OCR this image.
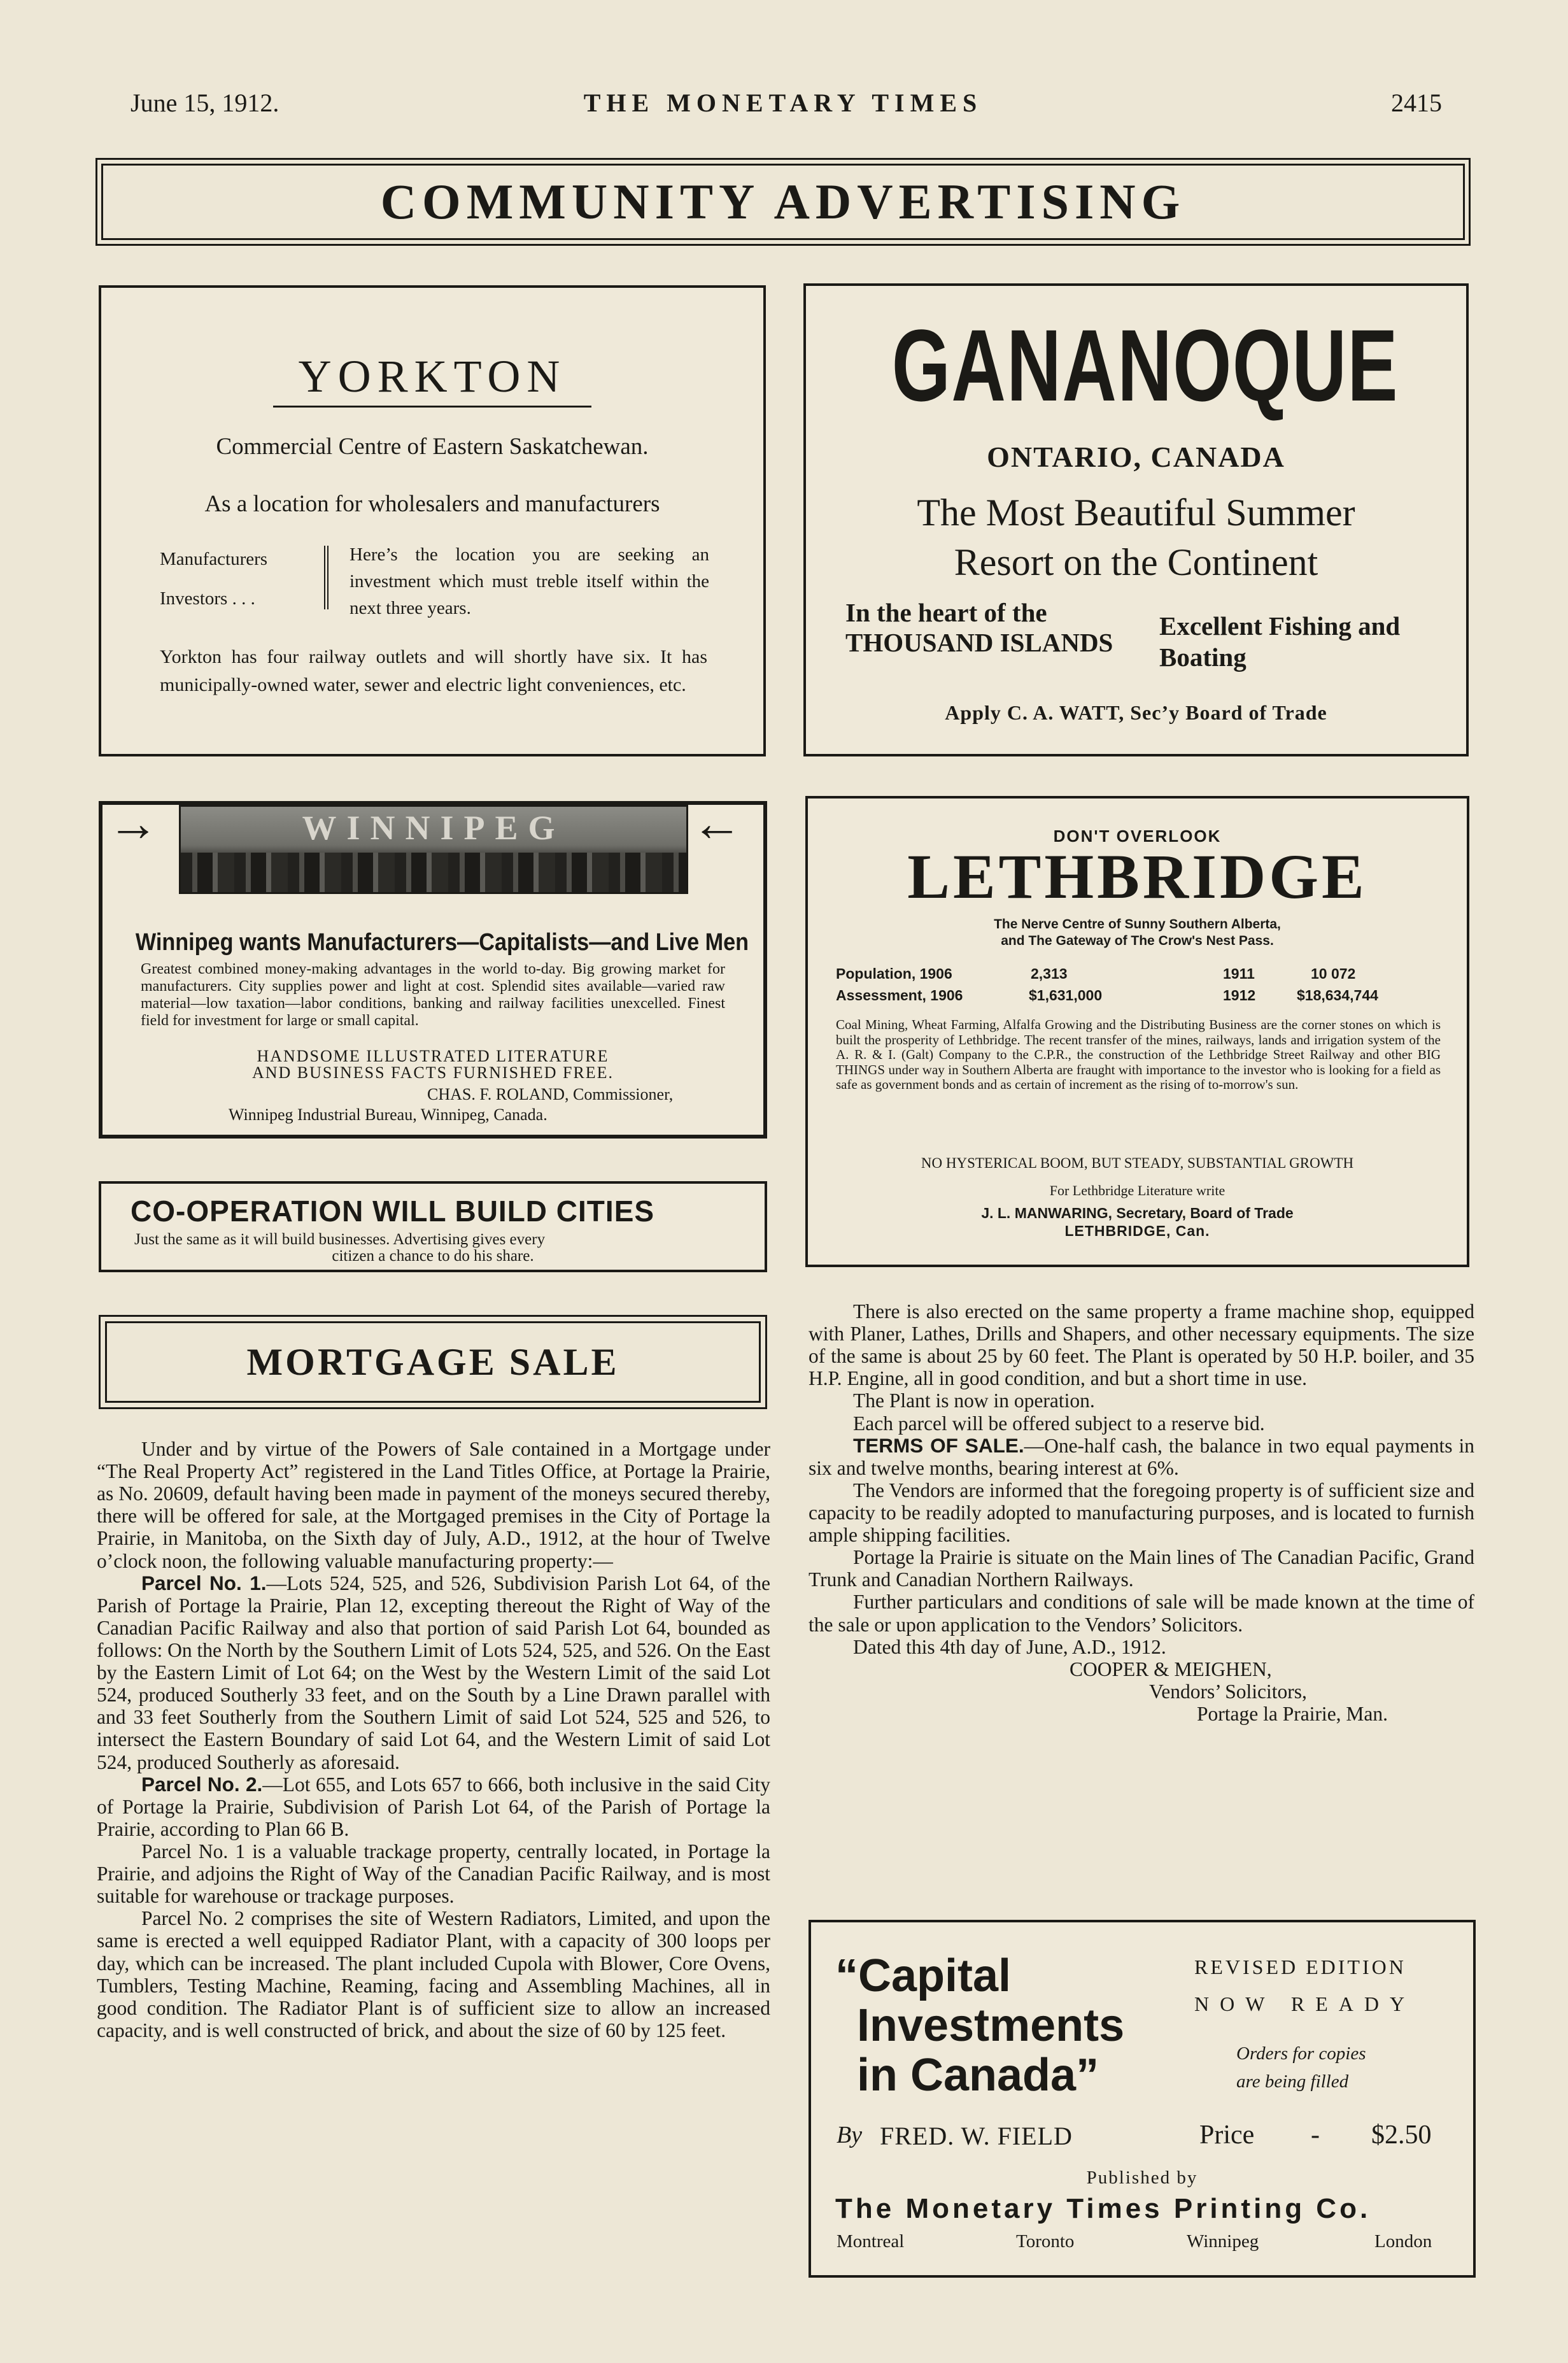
June 15, 1912.	THE MONETARY TIMES	2415
COMMUNITY ADVERTISING
YORKTON
Commercial Centre of Eastern Saskatchewan.
As a location for wholesalers and manufacturers
Manufacturers
Investors . . .
Here’s the location you are seeking an investment which must treble itself within the next three years.
Yorkton has four railway outlets and will shortly have six. It has municipally-owned water, sewer and electric light conveniences, etc.
GANANOQUE
ONTARIO, CANADA
The Most Beautiful Summer
Resort on the Continent
In the heart of the THOUSAND ISLANDS
Excellent Fishing and Boating
Apply C. A. WATT, Sec’y Board of Trade
→	←
WINNIPEG
Winnipeg wants Manufacturers—Capitalists—and Live Men
Greatest combined money-making advantages in the world to-day. Big growing market for manufacturers. City supplies power and light at cost. Splendid sites available—varied raw material—low taxation—labor conditions, banking and railway facilities unexcelled. Finest field for investment for large or small capital.
HANDSOME ILLUSTRATED LITERATURE
AND BUSINESS FACTS FURNISHED FREE.
CHAS. F. ROLAND, Commissioner,
Winnipeg Industrial Bureau, Winnipeg, Canada.
CO-OPERATION WILL BUILD CITIES
Just the same as it will build businesses. Advertising gives every
citizen a chance to do his share.
DON'T OVERLOOK
LETHBRIDGE
The Nerve Centre of Sunny Southern Alberta,
and The Gateway of The Crow's Nest Pass.
Population, 1906	2,313	1911	10 072
Assessment, 1906	$1,631,000	1912	$18,634,744
Coal Mining, Wheat Farming, Alfalfa Growing and the Distributing Business are the corner stones on which is built the prosperity of Lethbridge. The recent transfer of the mines, railways, lands and irrigation system of the A. R. & I. (Galt) Company to the C.P.R., the construction of the Lethbridge Street Railway and other BIG THINGS under way in Southern Alberta are fraught with importance to the investor who is looking for a field as safe as government bonds and as certain of increment as the rising of to-morrow's sun.
NO HYSTERICAL BOOM, BUT STEADY, SUBSTANTIAL GROWTH
For Lethbridge Literature write
J. L. MANWARING, Secretary, Board of Trade
LETHBRIDGE, Can.
MORTGAGE SALE

Under and by virtue of the Powers of Sale contained in a Mortgage under “The Real Property Act” registered in the Land Titles Office, at Portage la Prairie, as No. 20609, default having been made in payment of the moneys secured thereby, there will be offered for sale, at the Mortgaged premises in the City of Portage la Prairie, in Manitoba, on the Sixth day of July, A.D., 1912, at the hour of Twelve o’clock noon, the following valuable manufacturing property:—

Parcel No. 1.—Lots 524, 525, and 526, Subdivision Parish Lot 64, of the Parish of Portage la Prairie, Plan 12, excepting thereout the Right of Way of the Canadian Pacific Railway and also that portion of said Parish Lot 64, bounded as follows: On the North by the Southern Limit of Lots 524, 525, and 526. On the East by the Eastern Limit of Lot 64; on the West by the Western Limit of the said Lot 524, produced Southerly 33 feet, and on the South by a Line Drawn parallel with and 33 feet Southerly from the Southern Limit of said Lot 524, 525 and 526, to intersect the Eastern Boundary of said Lot 64, and the Western Limit of said Lot 524, produced Southerly as aforesaid.

Parcel No. 2.—Lot 655, and Lots 657 to 666, both inclusive in the said City of Portage la Prairie, Subdivision of Parish Lot 64, of the Parish of Portage la Prairie, according to Plan 66 B.

Parcel No. 1 is a valuable trackage property, centrally located, in Portage la Prairie, and adjoins the Right of Way of the Canadian Pacific Railway, and is most suitable for warehouse or trackage purposes.

Parcel No. 2 comprises the site of Western Radiators, Limited, and upon the same is erected a well equipped Radiator Plant, with a capacity of 300 loops per day, which can be increased. The plant included Cupola with Blower, Core Ovens, Tumblers, Testing Machine, Reaming, facing and Assembling Machines, all in good condition. The Radiator Plant is of sufficient size to allow an increased capacity, and is well constructed of brick, and about the size of 60 by 125 feet.

There is also erected on the same property a frame machine shop, equipped with Planer, Lathes, Drills and Shapers, and other necessary equipments. The size of the same is about 25 by 60 feet. The Plant is operated by 50 H.P. boiler, and 35 H.P. Engine, all in good condition, and but a short time in use.

The Plant is now in operation.

Each parcel will be offered subject to a reserve bid.

TERMS OF SALE.—One-half cash, the balance in two equal payments in six and twelve months, bearing interest at 6%.

The Vendors are informed that the foregoing property is of sufficient size and capacity to be readily adopted to manufacturing purposes, and is located to furnish ample shipping facilities.

Portage la Prairie is situate on the Main lines of The Canadian Pacific, Grand Trunk and Canadian Northern Railways.

Further particulars and conditions of sale will be made known at the time of the sale or upon application to the Vendors’ Solicitors.

Dated this 4th day of June, A.D., 1912.

COOPER & MEIGHEN,

Vendors’ Solicitors,

Portage la Prairie, Man.

“Capital
Investments
in Canada”
REVISED EDITION
NOW READY
Orders for copies
are being filled
By FRED. W. FIELD	Price - $2.50
Published by
The Monetary Times Printing Co.
Montreal	Toronto	Winnipeg	London
